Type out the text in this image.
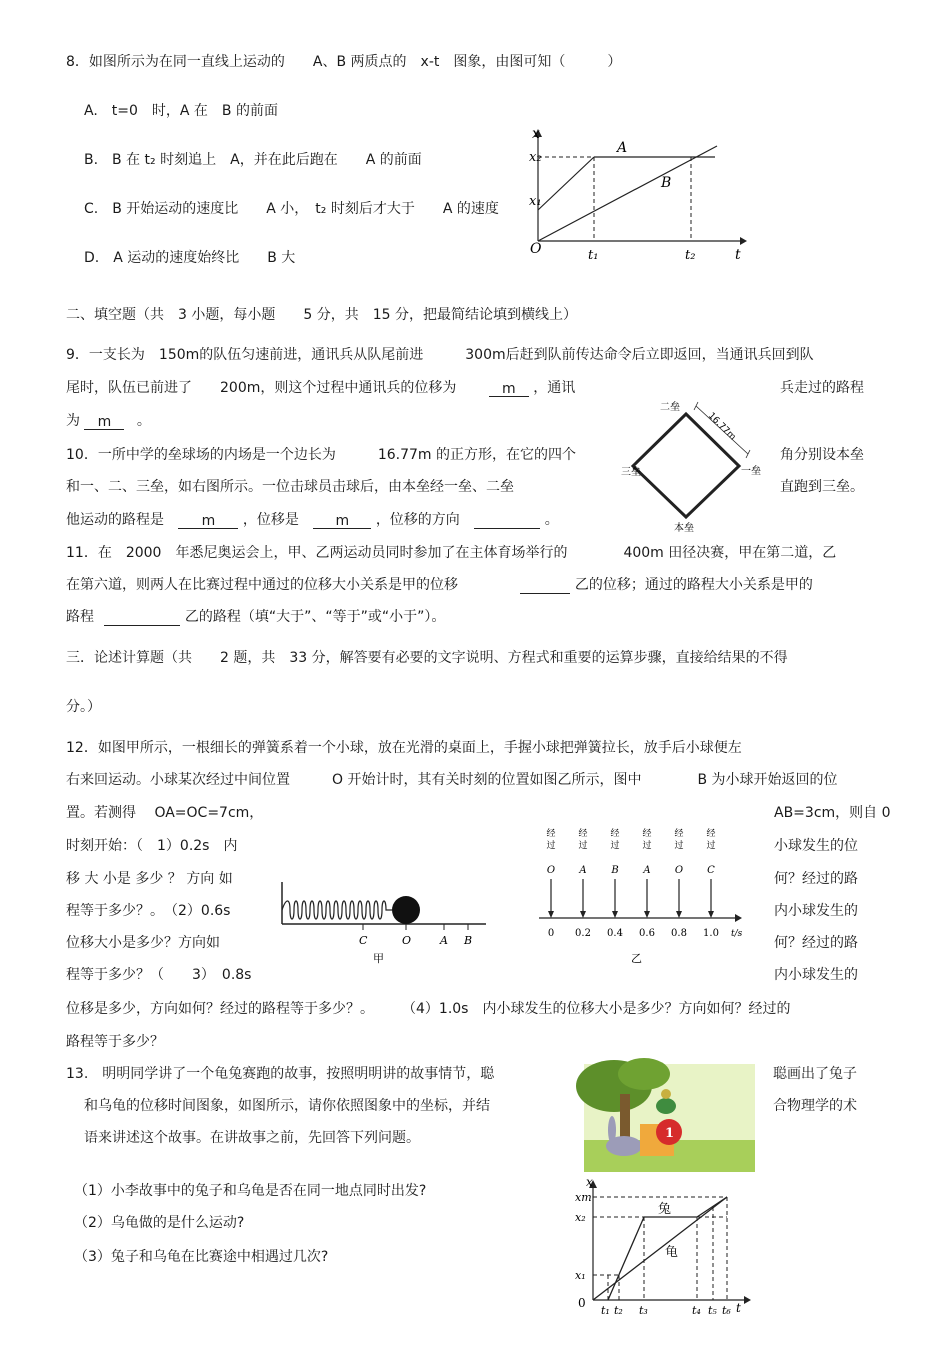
8．如图所示为在同一直线上运动的　　A、B 两质点的　x-t　图象，由图可知（　　　）
A.　t=0　时，A 在　B 的前面
B.　B 在 t₂ 时刻追上　A，并在此后跑在　　A 的前面
C.　B 开始运动的速度比　　A 小，　t₂ 时刻后才大于　　A 的速度
D.　A 运动的速度始终比　　B 大
x
t
O
x₂
x₁
t₁	t₂
A
B
二、填空题（共　3 小题，每小题　　5 分，共　15 分，把最简结论填到横线上）
9．一支长为　150m的队伍匀速前进，通讯兵从队尾前进　　　300m后赶到队前传达命令后立即返回，当通讯兵回到队
尾时，队伍已前进了　　200m，则这个过程中通讯兵的位移为	m ，通讯	兵走过的路程
为 m 。
10．一所中学的垒球场的内场是一个边长为　　　16.77m 的正方形，在它的四个	角分别设本垒
和一、二、三垒，如右图所示。一位击球员击球后，由本垒经一垒、二垒	直跑到三垒。
他运动的路程是	m ，位移是	m ，位移的方向	。
二垒
一垒
三垒
本垒
16.77m
11．在　2000　年悉尼奥运会上，甲、乙两运动员同时参加了在主体育场举行的　　　　400m 田径决赛，甲在第二道，乙
在第六道，则两人在比赛过程中通过的位移大小关系是甲的位移	乙的位移；通过的路程大小关系是甲的
路程	乙的路程（填“大于”、“等于”或“小于”）。
三．论述计算题（共　　2 题，共　33 分，解答要有必要的文字说明、方程式和重要的运算步骤，直接给结果的不得
分。）
12．如图甲所示，一根细长的弹簧系着一个小球，放在光滑的桌面上，手握小球把弹簧拉长，放手后小球便左
右来回运动。小球某次经过中间位置　　　O 开始计时，其有关时刻的位置如图乙所示，图中　　　　B 为小球开始返回的位
置。若测得　 OA=OC=7cm，	AB=3cm，则自 0
时刻开始：（　1）0.2s　内	小球发生的位
移 大 小是 多少 ？ 方向 如	何？经过的路
程等于多少？。　（2）0.6s	内小球发生的
位移大小是多少？方向如	何？经过的路
程等于多少？（　　3）　0.8s	内小球发生的
位移是多少，方向如何？经过的路程等于多少？。　　　（4）1.0s　内小球发生的位移大小是多少？方向如何？经过的
路程等于多少？
C	O	A B
甲
经
过
O
0
经
过
A
0.2
经
过
B
0.4
经
过
A
0.6
经
过
O
0.8
经
过
C
1.0 t/s
乙
13.　明明同学讲了一个龟兔赛跑的故事，按照明明讲的故事情节，聪	聪画出了兔子
和乌龟的位移时间图象，如图所示，请你依照图象中的坐标，并结	合物理学的术
语来讲述这个故事。在讲故事之前，先回答下列问题。
（1）小李故事中的兔子和乌龟是否在同一地点同时出发?
（2）乌龟做的是什么运动?
（3）兔子和乌龟在比赛途中相遇过几次?
1
x
t
0
xm
x₂
x₁
t₁ t₂ t₃	t₄ t₅ t₆
兔
龟
